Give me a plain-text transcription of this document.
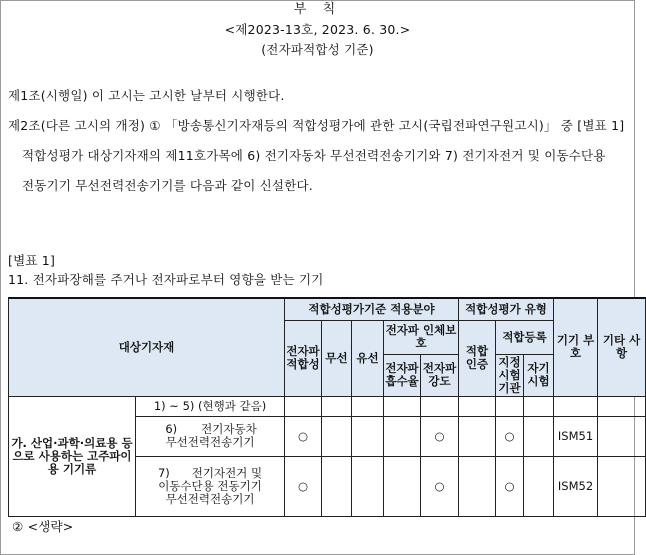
부 칙
<제2023-13호, 2023. 6. 30.>
(전자파적합성 기준)
제1조(시행일) 이 고시는 고시한 날부터 시행한다.
제2조(다른 고시의 개정) ① 「방송통신기자재등의 적합성평가에 관한 고시(국립전파연구원고시)」 중 [별표 1]
적합성평가 대상기자재의 제11호가목에 6) 전기자동차 무선전력전송기기와 7) 전기자전거 및 이동수단용
전동기기 무선전력전송기기를 다음과 같이 신설한다.
[별표 1]
11. 전자파장해를 주거나 전자파로부터 영향을 받는 기기
대상기자재		적합성평가기준 적용분야					적합성평가 유형			기기 부호	기타 사항
		전자파 적합성	무선	유선	전자파 인체보호		적합 인증	적합등록			
					전자파 흡수율	전자파 강도		지정 시험 기관	자기 시험		

가. 산업·과학·의료용 등으로 사용하는 고주파이용 기기류	1) ~ 5) (현행과 같음)										

	6) 전기자동차
무선전력전송기기	○				○		○		ISM51	

	7) 전기자전거 및
이동수단용 전동기기
무선전력전송기기	○				○		○		ISM52	
② <생략>
